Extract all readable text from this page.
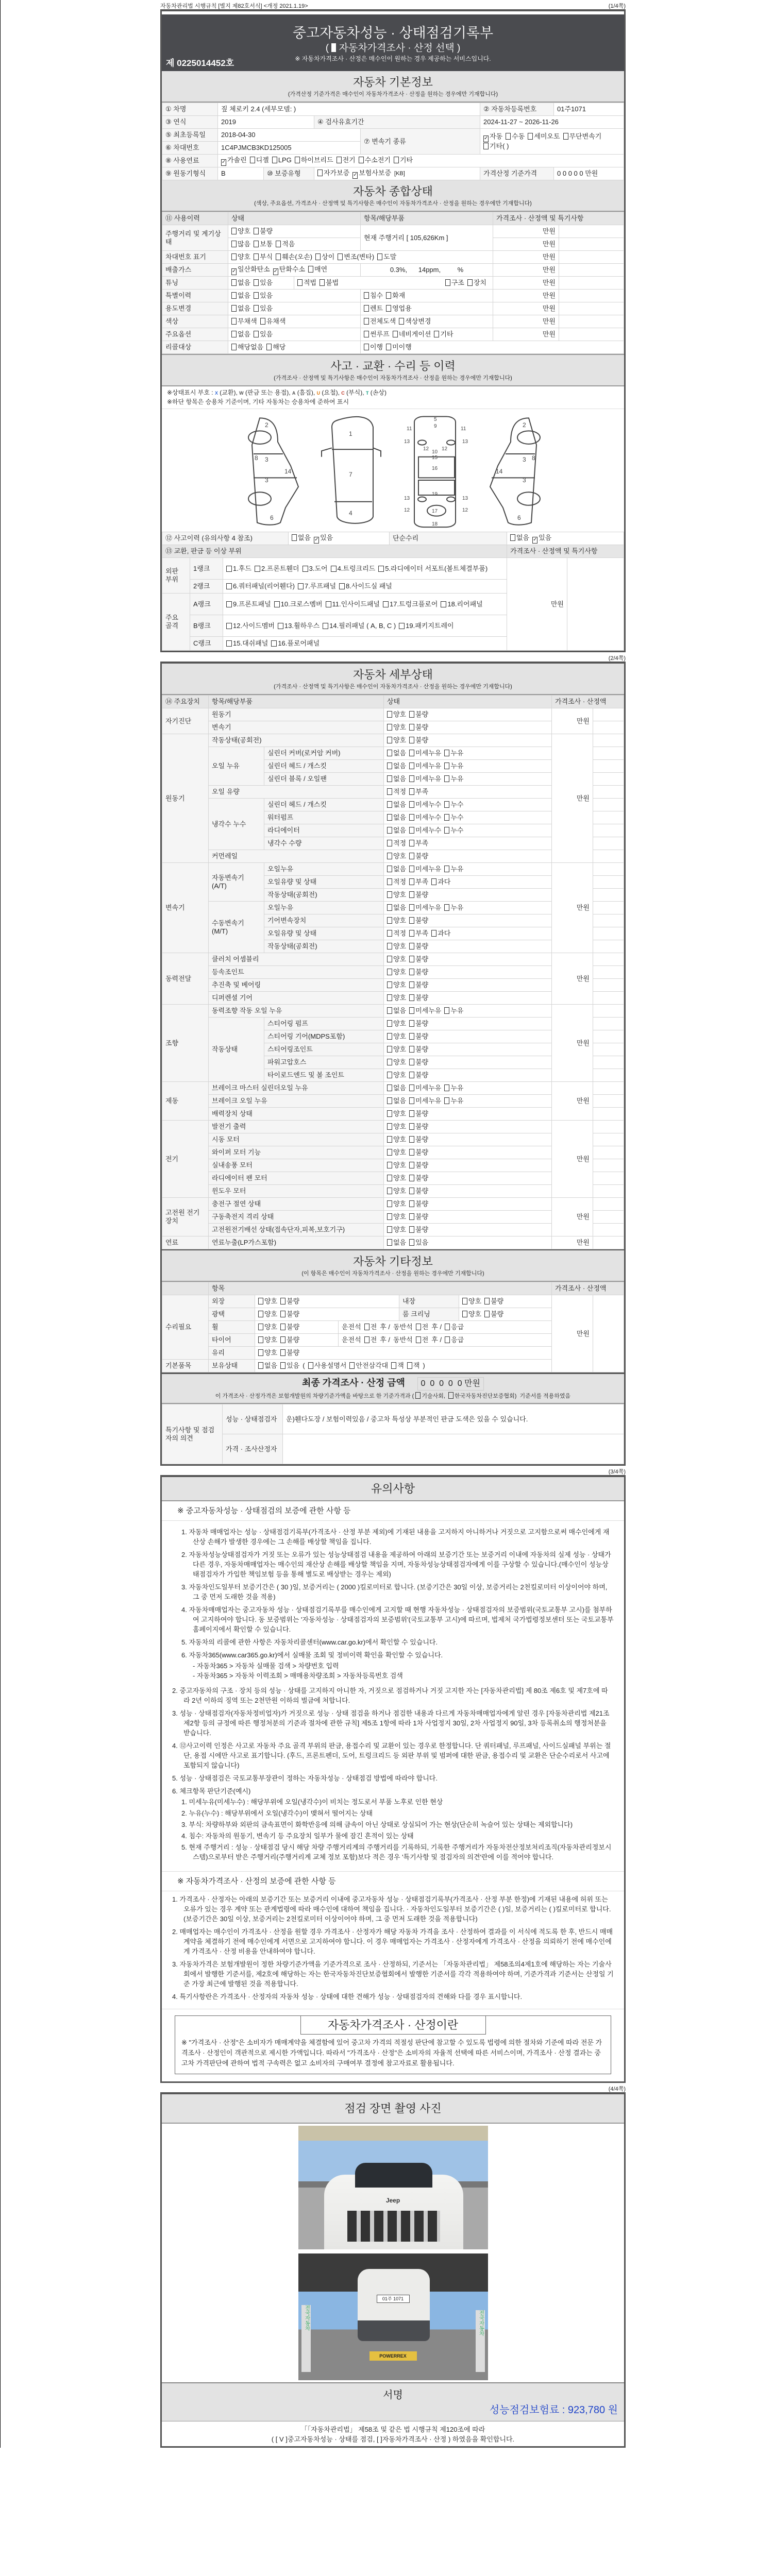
자동차관리법 시행규칙 [별지 제82호서식] <개정 2021.1.19>	(1/4쪽)
중고자동차성능 · 상태점검기록부
(  자동차가격조사 · 산정 선택 )
※ 자동차가격조사 · 산정은 매수인이 원하는 경우 제공하는 서비스입니다.
제 0225014452호
자동차 기본정보

(가격산정 기준가격은 매수인이 자동차가격조사 · 산정을 원하는 경우에만 기재합니다)

① 차명	짚 체로키 2.4 (세부모델: )				② 자동차등록번호	01주1071
③ 연식	2019		④ 검사유효기간		2024-11-27 ~ 2026-11-26	
⑤ 최초등록일	2018-04-30			⑦ 변속기 종류	✓ 자동 수동 세미오토 무단변속기기타( )	
⑥ 차대번호	1C4PJMCB3KD125005					
⑧ 사용연료	✓ 가솔린 디젤 LPG 하이브리드 전기 수소전기 기타					
⑨ 원동기형식	B	⑩ 보증유형	자가보증 ✓ 보험사보증 [KB]		가격산정 기준가격	0 0 0 0 0 만원
자동차 종합상태

(색상, 주요옵션, 가격조사 · 산정액 및 특기사항은 매수인이 자동차가격조사 · 산정을 원하는 경우에만 기재합니다)

⑪ 사용이력	상태		항목/해당부품	가격조사 · 산정액 및 특기사항	
주행거리 및 계기상태	양호 불량		현재 주행거리 [ 105,626Km ]	만원	
	많음 보통 적음			만원	
차대번호 표기	양호 부식 훼손(오손) 상이 변조(변타) 도말			만원	
배출가스	✓ 일산화탄소 ✓ 탄화수소 매연		0.3%,      14ppm,         %	만원	
튜닝	없음 있음	적법 불법 구조 장치		만원	
특별이력	없음 있음		침수 화재	만원	
용도변경	없음 있음		렌트 영업용	만원	
색상	무채색 유채색		전체도색 색상변경	만원	
주요옵션	없음 있음		썬루프 네비게이션 기타	만원	
리콜대상	해당없음 해당		이행 미이행		
사고 · 교환 · 수리 등 이력

(가격조사 · 산정액 및 특기사항은 매수인이 자동차가격조사 · 산정을 원하는 경우에만 기재합니다)

※상태표시 부호 : X (교환), W (판금 또는 용접), A (흠집), U (요철), C (부식), T (손상)
※하단 항목은 승용차 기준이며, 기타 자동차는 승용차에 준하여 표시
2
3
3
8
14
6
1
7
4
5
9
11	11
13	13
12 12
10
15
16
13	13
19
12	12
17
18
2
3
3
8
14
6
⑫ 사고이력 (유의사항 4 참조)			없음 ✓ 있음	단순수리	없음 ✓ 있음	
⑬ 교환, 판금 등 이상 부위					가격조사 · 산정액 및 특기사항	
외판 부위	1랭크	1.후드 2.프론트휀더 3.도어 4.트렁크리드 5.라디에이터 서포트(볼트체결부품)			만원	
	2랭크	6.쿼터패널(리어휀다) 7.루프패널 8.사이드실 패널				
주요 골격	A랭크	9.프론트패널 10.크로스멤버 11.인사이드패널 17.트렁크플로어 18.리어패널				
	B랭크	12.사이드멤버 13.휠하우스 14.필러패널 ( A, B, C ) 19.패키지트레이				
	C랭크	15.대쉬패널 16.플로어패널				
(2/4쪽)
자동차 세부상태

(가격조사 · 산정액 및 특기사항은 매수인이 자동차가격조사 · 산정을 원하는 경우에만 기재합니다)

⑭ 주요장치	항목/해당부품		상태	가격조사 · 산정액	
자기진단	원동기		양호 불량	만원	
	변속기		양호 불량		
원동기	작동상태(공회전)		양호 불량	만원	
	오일 누유	실린더 커버(로커암 커버)	없음 미세누유 누유		
		실린더 헤드 / 개스킷	없음 미세누유 누유		
		실린더 블록 / 오일팬	없음 미세누유 누유		
	오일 유량		적정 부족		
	냉각수 누수	실린더 헤드 / 개스킷	없음 미세누수 누수		
		워터펌프	없음 미세누수 누수		
		라디에이터	없음 미세누수 누수		
		냉각수 수량	적정 부족		
	커먼레일		양호 불량		
변속기	자동변속기 (A/T)	오일누유	없음 미세누유 누유	만원	
		오일유량 및 상태	적정 부족 과다		
		작동상태(공회전)	양호 불량		
	수동변속기 (M/T)	오일누유	없음 미세누유 누유		
		기어변속장치	양호 불량		
		오일유량 및 상태	적정 부족 과다		
		작동상태(공회전)	양호 불량		
동력전달	클러치 어셈블리		양호 불량	만원	
	등속조인트		양호 불량		
	추진축 및 베어링		양호 불량		
	디퍼렌셜 기어		양호 불량		
조향	동력조향 작동 오일 누유		없음 미세누유 누유	만원	
	작동상태	스티어링 펌프	양호 불량		
		스티어링 기어(MDPS포함)	양호 불량		
		스티어링조인트	양호 불량		
		파워고압호스	양호 불량		
		타이로드엔드 및 볼 조인트	양호 불량		
제동	브레이크 마스터 실린더오일 누유		없음 미세누유 누유	만원	
	브레이크 오일 누유		없음 미세누유 누유		
	배력장치 상태		양호 불량		
전기	발전기 출력		양호 불량	만원	
	시동 모터		양호 불량		
	와이퍼 모터 기능		양호 불량		
	실내송풍 모터		양호 불량		
	라디에이터 팬 모터		양호 불량		
	윈도우 모터		양호 불량		
고전원 전기장치	충전구 절연 상태		양호 불량	만원	
	구동축전지 격리 상태		양호 불량		
	고전원전기배선 상태(접속단자,피복,보호기구)		양호 불량		
연료	연료누출(LP가스포함)		없음 있음	만원	
자동차 기타정보

(이 항목은 매수인이 자동차가격조사 · 산정을 원하는 경우에만 기재합니다)

	항목					가격조사 · 산정액	
수리필요	외장	양호 불량		내장	양호 불량	만원	
	광택	양호 불량		룸 크리닝	양호 불량		
	휠	양호 불량	운전석 전 후 / 동반석 전 후 / 응급				
	타이어	양호 불량	운전석 전 후 / 동반석 전 후 / 응급				
	유리	양호 불량					
기본품목	보유상태	없음 있음 ( 사용설명서 안전삼각대 잭 잭 )					
최종 가격조사 · 산정 금액 0  0  0  0  0 만원

이 가격조사 · 산정가격은 보험개발원의 차량기준가액을 바탕으로 한 기준가격과 ( 기술사회, 한국자동차진단보증협회) 기준서를 적용하였음

특기사항 및 점검자의 의견	성능 · 상태점검자	운)휀다도장 / 보험이력있음 / 중고차 특성상 부분적인 판금 도색은 있을 수 있습니다.
	가격 · 조사산정자	
(3/4쪽)
유의사항
※ 중고자동차성능 · 상태점검의 보증에 관한 사항 등
1. 자동차 매매업자는 성능 · 상태점검기록부(가격조사 · 산정 부분 제외)에 기재된 내용을 고지하지 아니하거나 거짓으로 고지함으로써 매수인에게 재산상 손해가 발생한 경우에는 그 손해를 배상할 책임을 집니다.
2. 자동차성능상태점검자가 거짓 또는 오류가 있는 성능상태점검 내용을 제공하여 아래의 보증기간 또는 보증거리 이내에 자동차의 실제 성능 · 상태가 다른 경우, 자동차매매업자는 매수인의 재산상 손해를 배상할 책임을 지며, 자동차성능상태점검자에게 이를 구상할 수 있습니다.(매수인이 성능상태점검자가 가입한 책임보험 등을 통해 별도로 배상받는 경우는 제외)
3. 자동차인도일부터 보증기간은 ( 30 )일, 보증거리는 ( 2000 )킬로미터로 합니다. (보증기간은 30일 이상, 보증거리는 2천킬로미터 이상이어야 하며, 그 중 먼저 도래한 것을 적용)
4. 자동차매매업자는 중고자동차 성능 · 상태점검기록부를 매수인에게 고지할 때 현행 자동차성능 · 상태점검자의 보증범위(국토교통부 고시)를 첨부하여 고지하여야 합니다. 동 보증범위는 '자동차성능 · 상태점검자의 보증범위'(국토교통부 고시)에 따르며, 법제처 국가법령정보센터 또는 국토교통부 홈페이지에서 확인할 수 있습니다.
5. 자동차의 리콜에 관한 사항은 자동차리콜센터(www.car.go.kr)에서 확인할 수 있습니다.
6. 자동차365(www.car365.go.kr)에서 실매물 조회 및 정비이력 확인을 확인할 수 있습니다.
- 자동차365 > 자동차 실매물 검색 > 차량번호 입력
- 자동차365 > 자동차 이력조회 > 매매용차량조회 > 자동차등록번호 검색
2. 중고자동차의 구조 · 장치 등의 성능 · 상태를 고지하지 아니한 자, 거짓으로 점검하거나 거짓 고지한 자는 [자동차관리법] 제 80조 제6호 및 제7호에 따라 2년 이하의 징역 또는 2천만원 이하의 벌금에 처합니다.
3. 성능 · 상태점검자(자동차정비업자)가 거짓으로 성능 · 상태 점검을 하거나 점검한 내용과 다르게 자동차매매업자에게 알린 경우 [자동차관리법 제21조 제2항 등의 규정에 따른 행정처분의 기준과 절차에 관한 규칙] 제5조 1항에 따라 1차 사업정지 30일, 2차 사업정지 90일, 3차 등록취소의 행정처분을 받습니다.
4. ⑫사고이력 인정은 사고로 자동차 주요 골격 부위의 판금, 용접수리 및 교환이 있는 경우로 한정합니다. 단 쿼터패널, 루프패널, 사이드실패널 부위는 절단, 용접 시에만 사고로 표기합니다. (후드, 프론트펜더, 도어, 트렁크리드 등 외판 부위 및 범퍼에 대한 판금, 용접수리 및 교환은 단순수리로서 사고에 포함되지 않습니다)
5. 성능 · 상태점검은 국토교통부장관이 정하는 자동차성능 · 상태점검 방법에 따라야 합니다.
6. 체크항목 판단기준(예시)
1. 미세누유(미세누수) : 해당부위에 오일(냉각수)이 비치는 정도로서 부품 노후로 인한 현상
2. 누유(누수) : 해당부위에서 오일(냉각수)이 맺혀서 떨어지는 상태
3. 부식: 차량하부와 외판의 금속표면이 화학반응에 의해 금속이 아닌 상태로 상실되어 가는 현상(단순히 녹슬어 있는 상태는 제외합니다)
4. 침수: 자동차의 원동기, 변속기 등 주요장치 일부가 물에 잠긴 흔적이 있는 상태
5. 현재 주행거리 : 성능 · 상태점검 당시 해당 차량 주행거리계의 주행거리를 기록하되, 기록한 주행거리가 자동차전산정보처리조직(자동차관리정보시스템)으로부터 받은 주행거리(주행거리계 교체 정보 포함)보다 적은 경우 '특기사항 및 점검자의 의견'란에 이를 적어야 합니다.
※ 자동차가격조사 · 산정의 보증에 관한 사항 등
1. 가격조사 · 산정자는 아래의 보증기간 또는 보증거리 이내에 중고자동차 성능 · 상태점검기록부(가격조사 · 산정 부분 한정)에 기재된 내용에 허위 또는 오류가 있는 경우 계약 또는 관계법령에 따라 매수인에 대하여 책임을 집니다. · 자동차인도일부터 보증기간은 ( )일, 보증거리는 ( )킬로미터로 합니다. (보증기간은 30일 이상, 보증거리는 2천킬로미터 이상이어야 하며, 그 중 먼저 도래한 것을 적용합니다)
2. 매매업자는 매수인이 가격조사 · 산정을 원할 경우 가격조사 · 산정자가 해당 자동차 가격을 조사 · 산정하여 결과를 이 서식에 적도록 한 후, 반드시 매매계약을 체결하기 전에 매수인에게 서면으로 고지하여야 합니다. 이 경우 매매업자는 가격조사 · 산정자에게 가격조사 · 산정을 의뢰하기 전에 매수인에게 가격조사 · 산정 비용을 안내하여야 합니다.
3. 자동차가격은 보험개발원이 정한 차량기준가액을 기준가격으로 조사 · 산정하되, 기준서는 「자동차관리법」 제58조의4제1호에 해당하는 자는 기술사회에서 발행한 기준서를, 제2호에 해당하는 자는 한국자동차진단보증협회에서 발행한 기준서를 각각 적용하여야 하며, 기준가격과 기준서는 산정일 기준 가장 최근에 발행된 것을 적용합니다.
4. 특기사항란은 가격조사 · 산정자의 자동차 성능 · 상태에 대한 견해가 성능 · 상태점검자의 견해와 다를 경우 표시합니다.
자동차가격조사 · 산정이란
※ "가격조사 · 산정"은 소비자가 매매계약을 체결함에 있어 중고차 가격의 적절성 판단에 참고할 수 있도록 법령에 의한 절차와 기준에 따라 전문 가격조사 · 산정인이 객관적으로 제시한 가액입니다. 따라서 "가격조사 · 산정"은 소비자의 자율적 선택에 따른 서비스이며, 가격조사 · 산정 결과는 중고차 가격판단에 관하여 법적 구속력은 없고 소비자의 구매여부 결정에 참고자료로 활용됩니다.
(4/4쪽)
점검 장면 촬영 사진
Jeep
01주 1071
POWERREX
전국자동차	전국자동차
서명
성능점검보험료 : 923,780 원
「「자동차관리법」 제58조 및 같은 법 시행규칙 제120조에 따라
( [ V ]중고자동차성능 · 상태를 점검, [ ]자동차가격조사 · 산정 ) 하였음을 확인합니다.
